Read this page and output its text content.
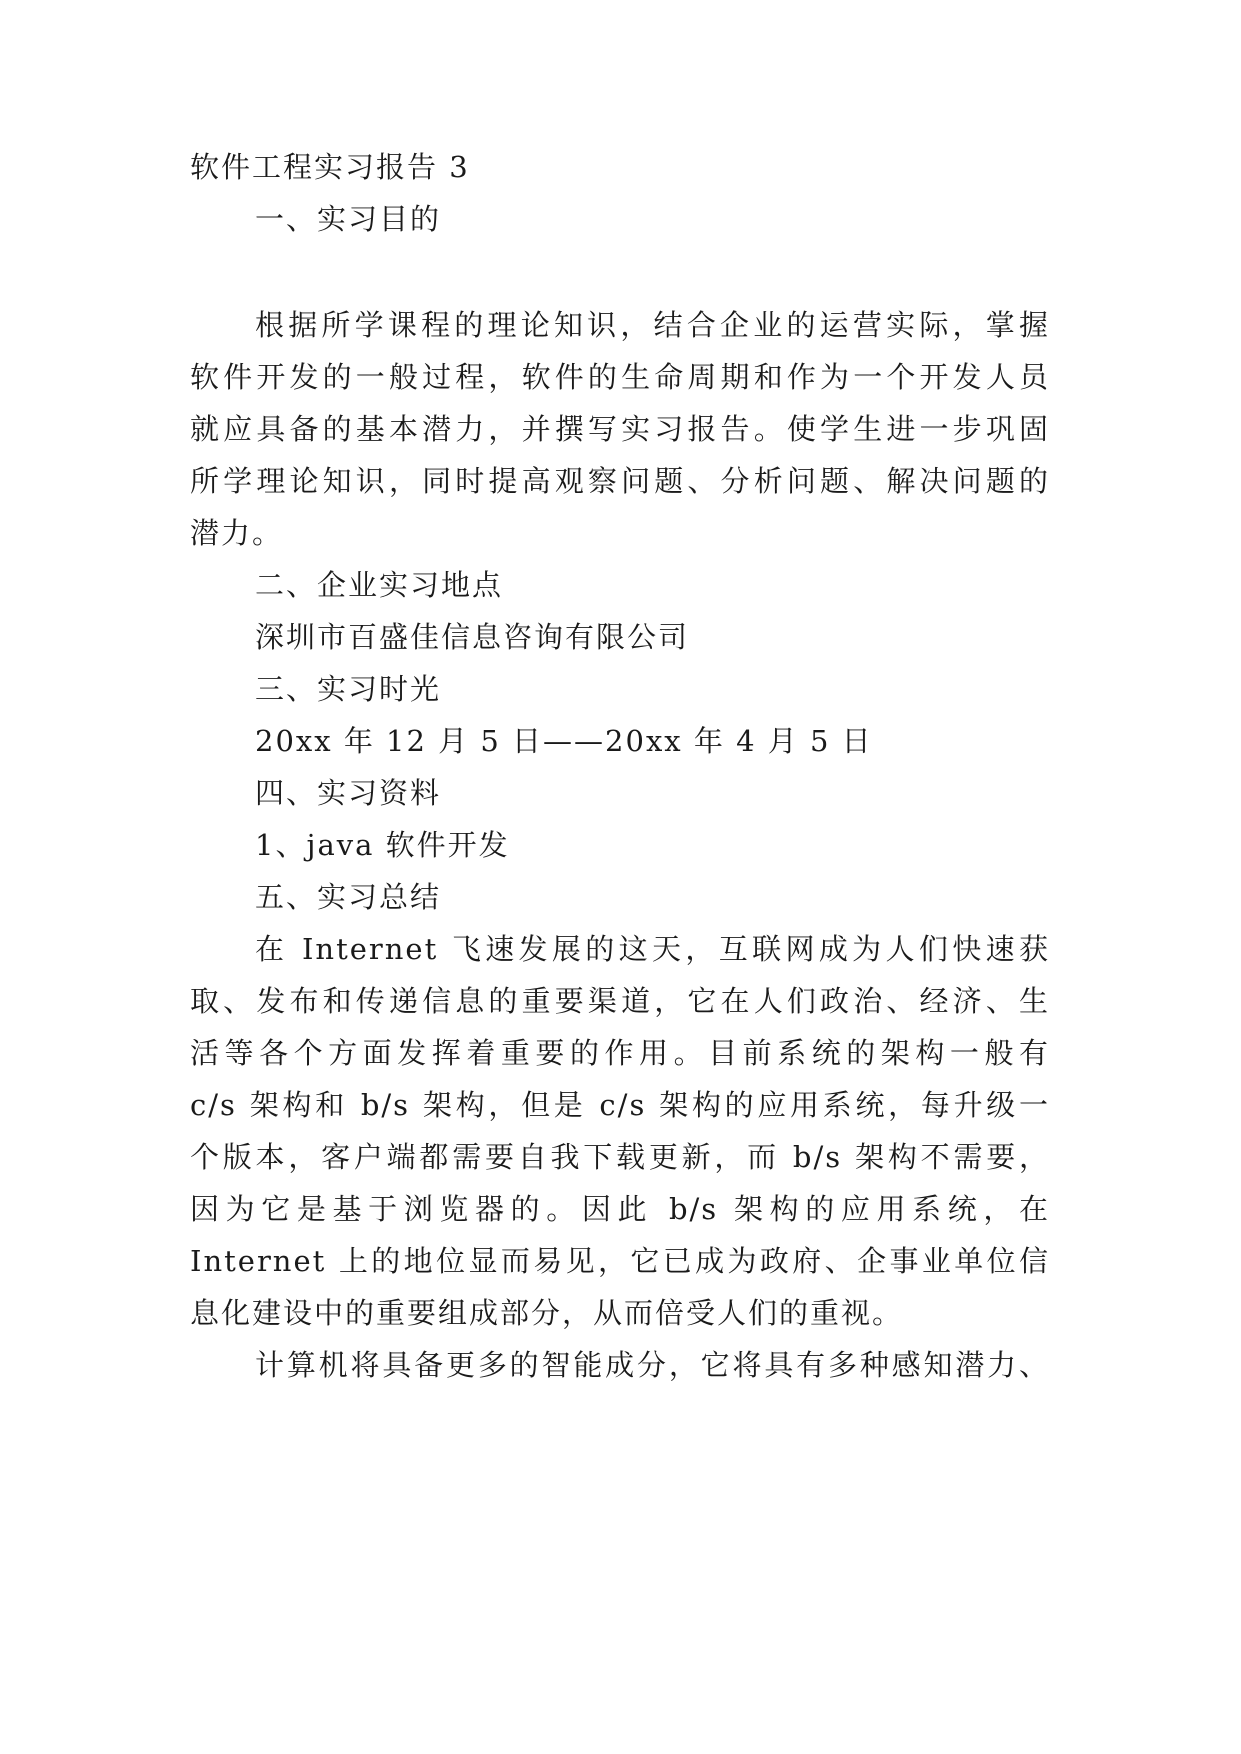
软件工程实习报告 3
一、实习目的
根据所学课程的理论知识，结合企业的运营实际，掌握
软件开发的一般过程，软件的生命周期和作为一个开发人员
就应具备的基本潜力，并撰写实习报告。使学生进一步巩固
所学理论知识，同时提高观察问题、分析问题、解决问题的
潜力。
二、企业实习地点
深圳市百盛佳信息咨询有限公司
三、实习时光
20xx 年 12 月 5 日——20xx 年 4 月 5 日
四、实习资料
1、java 软件开发
五、实习总结
在 Internet 飞速发展的这天，互联网成为人们快速获
取、发布和传递信息的重要渠道，它在人们政治、经济、生
活等各个方面发挥着重要的作用。目前系统的架构一般有
c/s 架构和 b/s 架构，但是 c/s 架构的应用系统，每升级一
个版本，客户端都需要自我下载更新，而 b/s 架构不需要，
因为它是基于浏览器的。因此 b/s 架构的应用系统，在
Internet 上的地位显而易见，它已成为政府、企事业单位信
息化建设中的重要组成部分，从而倍受人们的重视。
计算机将具备更多的智能成分，它将具有多种感知潜力、
